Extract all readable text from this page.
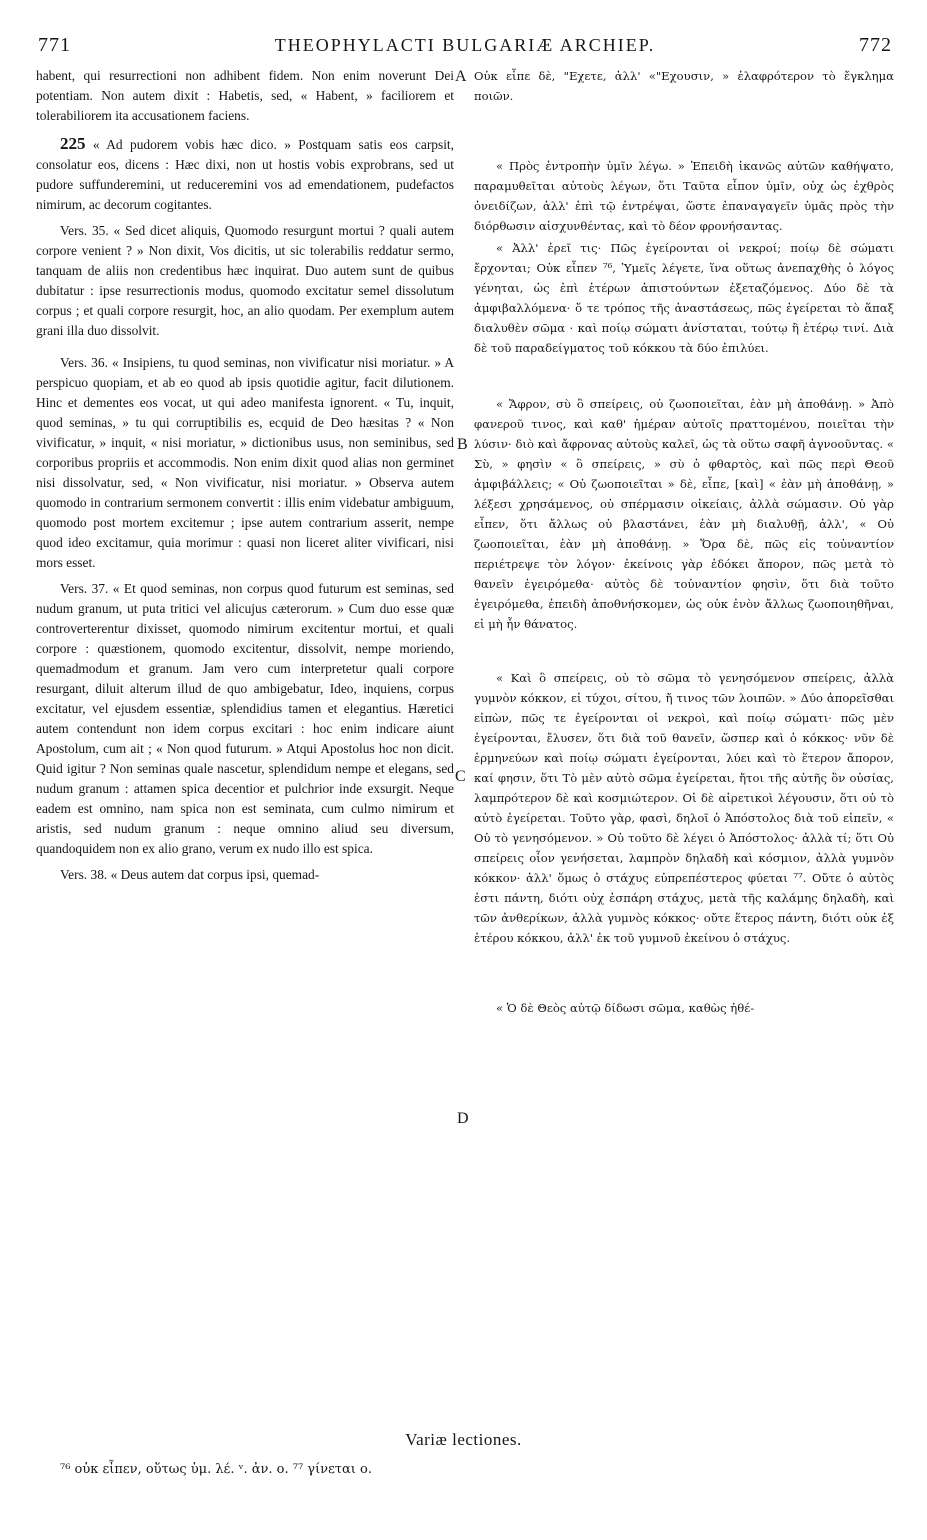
771	THEOPHYLACTI BULGARIÆ ARCHIEP.	772

habent, qui resurrectioni non adhibent fidem. Non enim noverunt Dei potentiam. Non autem dixit : Habetis, sed, « Habent, » faciliorem et tolerabiliorem ita accusationem faciens.

225 « Ad pudorem vobis hæc dico. » Postquam satis eos carpsit, consolatur eos, dicens : Hæc dixi, non ut hostis vobis exprobrans, sed ut pudore suffunderemini, ut reduceremini vos ad emendationem, pudefactos nimirum, ac decorum cogitantes.

Vers. 35. « Sed dicet aliquis, Quomodo resurgunt mortui ? quali autem corpore venient ? » Non dixit, Vos dicitis, ut sic tolerabilis reddatur sermo, tanquam de aliis non credentibus hæc inquirat. Duo autem sunt de quibus dubitatur : ipse resurrectionis modus, quomodo excitatur semel dissolutum corpus ; et quali corpore resurgit, hoc, an alio quodam. Per exemplum autem grani illa duo dissolvit.

Vers. 36. « Insipiens, tu quod seminas, non vivificatur nisi moriatur. » A perspicuo quopiam, et ab eo quod ab ipsis quotidie agitur, facit dilutionem. Hinc et dementes eos vocat, ut qui adeo manifesta ignorent. « Tu, inquit, quod seminas, » tu qui corruptibilis es, ecquid de Deo hæsitas ? « Non vivificatur, » inquit, « nisi moriatur, » dictionibus usus, non seminibus, sed corporibus propriis et accommodis. Non enim dixit quod alias non germinet nisi dissolvatur, sed, « Non vivificatur, nisi moriatur. » Observa autem quomodo in contrarium sermonem convertit : illis enim videbatur ambiguum, quomodo post mortem excitemur ; ipse autem contrarium asserit, nempe quod ideo excitamur, quia morimur : quasi non liceret aliter vivificari, nisi mors esset.

Vers. 37. « Et quod seminas, non corpus quod futurum est seminas, sed nudum granum, ut puta tritici vel alicujus cæterorum. » Cum duo esse quæ controverterentur dixisset, quomodo nimirum excitentur mortui, et quali corpore : quæstionem, quomodo excitentur, dissolvit, nempe moriendo, quemadmodum et granum. Jam vero cum interpretetur quali corpore resurgant, diluit alterum illud de quo ambigebatur, Ideo, inquiens, corpus excitatur, vel ejusdem essentiæ, splendidius tamen et elegantius. Hæretici autem contendunt non idem corpus excitari : hoc enim indicare aiunt Apostolum, cum ait ; « Non quod futurum. » Atqui Apostolus hoc non dicit. Quid igitur ? Non seminas quale nascetur, splendidum nempe et elegans, sed nudum granum : attamen spica decentior et pulchrior inde exsurgit. Neque eadem est omnino, nam spica non est seminata, cum culmo nimirum et aristis, sed nudum granum : neque omnino aliud seu diversum, quandoquidem non ex alio grano, verum ex nudo illo est spica.

Vers. 38. « Deus autem dat corpus ipsi, quemad-

A
B
C
D

Οὐκ εἶπε δὲ, "Εχετε, ἀλλ' «"Εχουσιν, » ἐλαφρότερον τὸ ἔγκλημα ποιῶν.

« Πρὸς ἐντροπὴν ὑμῖν λέγω. » Ἐπειδὴ ἱκανῶς αὐτῶν καθήψατο, παραμυθεῖται αὐτοὺς λέγων, ὅτι Ταῦτα εἶπον ὑμῖν, οὐχ ὡς ἐχθρὸς ὀνειδίζων, ἀλλ' ἐπὶ τῷ ἐντρέψαι, ὥστε ἐπαναγαγεῖν ὑμᾶς πρὸς τὴν διόρθωσιν αἰσχυνθέντας, καὶ τὸ δέον φρονήσαντας.

« Ἀλλ' ἐρεῖ τις· Πῶς ἐγείρονται οἱ νεκροί; ποίῳ δὲ σώματι ἔρχονται; Οὐκ εἶπεν ⁷⁶, Ὑμεῖς λέγετε, ἵνα οὕτως ἀνεπαχθὴς ὁ λόγος γένηται, ὡς ἐπὶ ἑτέρων ἀπιστούντων ἐξεταζόμενος. Δύο δὲ τὰ ἀμφιβαλλόμενα· ὅ τε τρόπος τῆς ἀναστάσεως, πῶς ἐγείρεται τὸ ἅπαξ διαλυθὲν σῶμα · καὶ ποίῳ σώματι ἀνίσταται, τούτῳ ἢ ἑτέρῳ τινί. Διὰ δὲ τοῦ παραδείγματος τοῦ κόκκου τὰ δύο ἐπιλύει.

« Ἄφρον, σὺ ὃ σπείρεις, οὐ ζωοποιεῖται, ἐὰν μὴ ἀποθάνῃ. » Ἀπὸ φανεροῦ τινος, καὶ καθ' ἡμέραν αὐτοῖς πραττομένου, ποιεῖται τὴν λύσιν· διὸ καὶ ἄφρονας αὐτοὺς καλεῖ, ὡς τὰ οὕτω σαφῆ ἀγνοοῦντας. « Σὺ, » φησὶν « ὃ σπείρεις, » σὺ ὁ φθαρτὸς, καὶ πῶς περὶ Θεοῦ ἀμφιβάλλεις; « Οὐ ζωοποιεῖται » δὲ, εἶπε, [καὶ] « ἐὰν μὴ ἀποθάνῃ, » λέξεσι χρησάμενος, οὐ σπέρμασιν οἰκείαις, ἀλλὰ σώμασιν. Οὐ γὰρ εἶπεν, ὅτι ἄλλως οὐ βλαστάνει, ἐὰν μὴ διαλυθῇ, ἀλλ', « Οὐ ζωοποιεῖται, ἐὰν μὴ ἀποθάνῃ. » Ὅρα δὲ, πῶς εἰς τοὐναντίον περιέτρεψε τὸν λόγον· ἐκείνοις γὰρ ἐδόκει ἄπορον, πῶς μετὰ τὸ θανεῖν ἐγειρόμεθα· αὐτὸς δὲ τοὐναντίον φησὶν, ὅτι διὰ τοῦτο ἐγειρόμεθα, ἐπειδὴ ἀποθνήσκομεν, ὡς οὐκ ἐνὸν ἄλλως ζωοποιηθῆναι, εἰ μὴ ἦν θάνατος.

« Καὶ ὃ σπείρεις, οὐ τὸ σῶμα τὸ γενησόμενον σπείρεις, ἀλλὰ γυμνὸν κόκκον, εἰ τύχοι, σίτου, ἤ τινος τῶν λοιπῶν. » Δύο ἀπορεῖσθαι εἰπὼν, πῶς τε ἐγείρονται οἱ νεκροὶ, καὶ ποίῳ σώματι· πῶς μὲν ἐγείρονται, ἔλυσεν, ὅτι διὰ τοῦ θανεῖν, ὥσπερ καὶ ὁ κόκκος· νῦν δὲ ἑρμηνεύων καὶ ποίῳ σώματι ἐγείρονται, λύει καὶ τὸ ἕτερον ἄπορον, καί φησιν, ὅτι Τὸ μὲν αὐτὸ σῶμα ἐγείρεται, ἤτοι τῆς αὐτῆς ὂν οὐσίας, λαμπρότερον δὲ καὶ κοσμιώτερον. Οἱ δὲ αἱρετικοὶ λέγουσιν, ὅτι οὐ τὸ αὐτὸ ἐγείρεται. Τοῦτο γὰρ, φασὶ, δηλοῖ ὁ Ἀπόστολος διὰ τοῦ εἰπεῖν, « Οὐ τὸ γενησόμενον. » Οὐ τοῦτο δὲ λέγει ὁ Ἀπόστολος· ἀλλὰ τί; ὅτι Οὐ σπείρεις οἷον γενήσεται, λαμπρὸν δηλαδὴ καὶ κόσμιον, ἀλλὰ γυμνὸν κόκκον· ἀλλ' ὅμως ὁ στάχυς εὐπρεπέστερος φύεται ⁷⁷. Οὔτε ὁ αὐτὸς ἐστι πάντη, διότι οὐχ ἐσπάρη στάχυς, μετὰ τῆς καλάμης δηλαδὴ, καὶ τῶν ἀνθερίκων, ἀλλὰ γυμνὸς κόκκος· οὔτε ἕτερος πάντη, διότι οὐκ ἐξ ἑτέρου κόκκου, ἀλλ' ἐκ τοῦ γυμνοῦ ἐκείνου ὁ στάχυς.

« Ὁ δὲ Θεὸς αὐτῷ δίδωσι σῶμα, καθὼς ἠθέ-

Variæ lectiones.
⁷⁶ οὐκ εἶπεν, οὕτως ὑμ. λέ. ᵛ. ἀν. ο. ⁷⁷ γίνεται ο.
